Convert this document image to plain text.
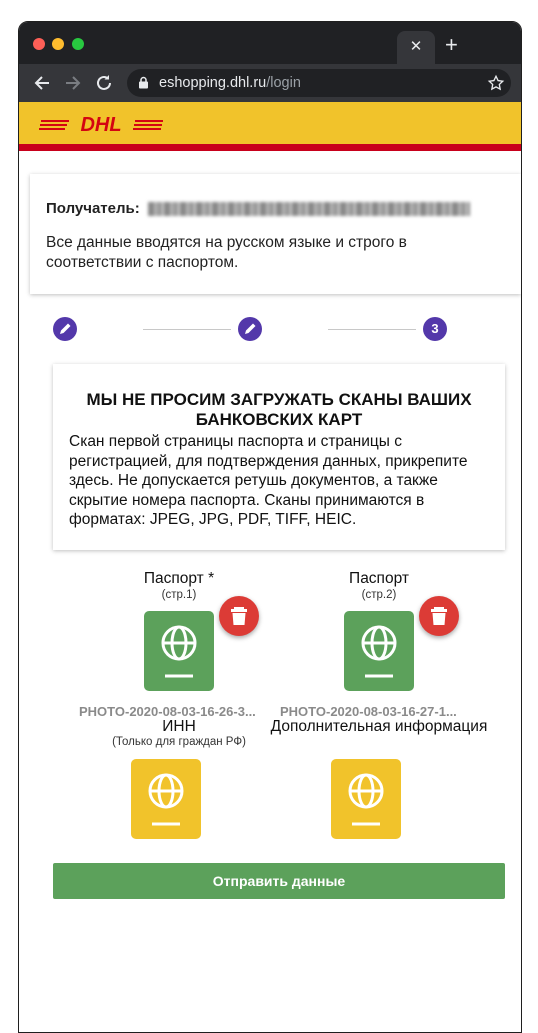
✕	+
eshopping.dhl.ru/login
DHL
Получатель:
Все данные вводятся на русском языке и строго в соответствии с паспортом.
3
МЫ НЕ ПРОСИМ ЗАГРУЖАТЬ СКАНЫ ВАШИХ БАНКОВСКИХ КАРТ
Скан первой страницы паспорта и страницы с регистрацией, для подтверждения данных, прикрепите здесь. Не допускается ретушь документов, а также скрытие номера паспорта. Сканы принимаются в форматах: JPEG, JPG, PDF, TIFF, HEIC.
Паспорт *
(стр.1)
PHOTO-2020-08-03-16-26-3...
Паспорт
(стр.2)
PHOTO-2020-08-03-16-27-1...
ИНН
(Только для граждан РФ)
Дополнительная информация
Отправить данные
